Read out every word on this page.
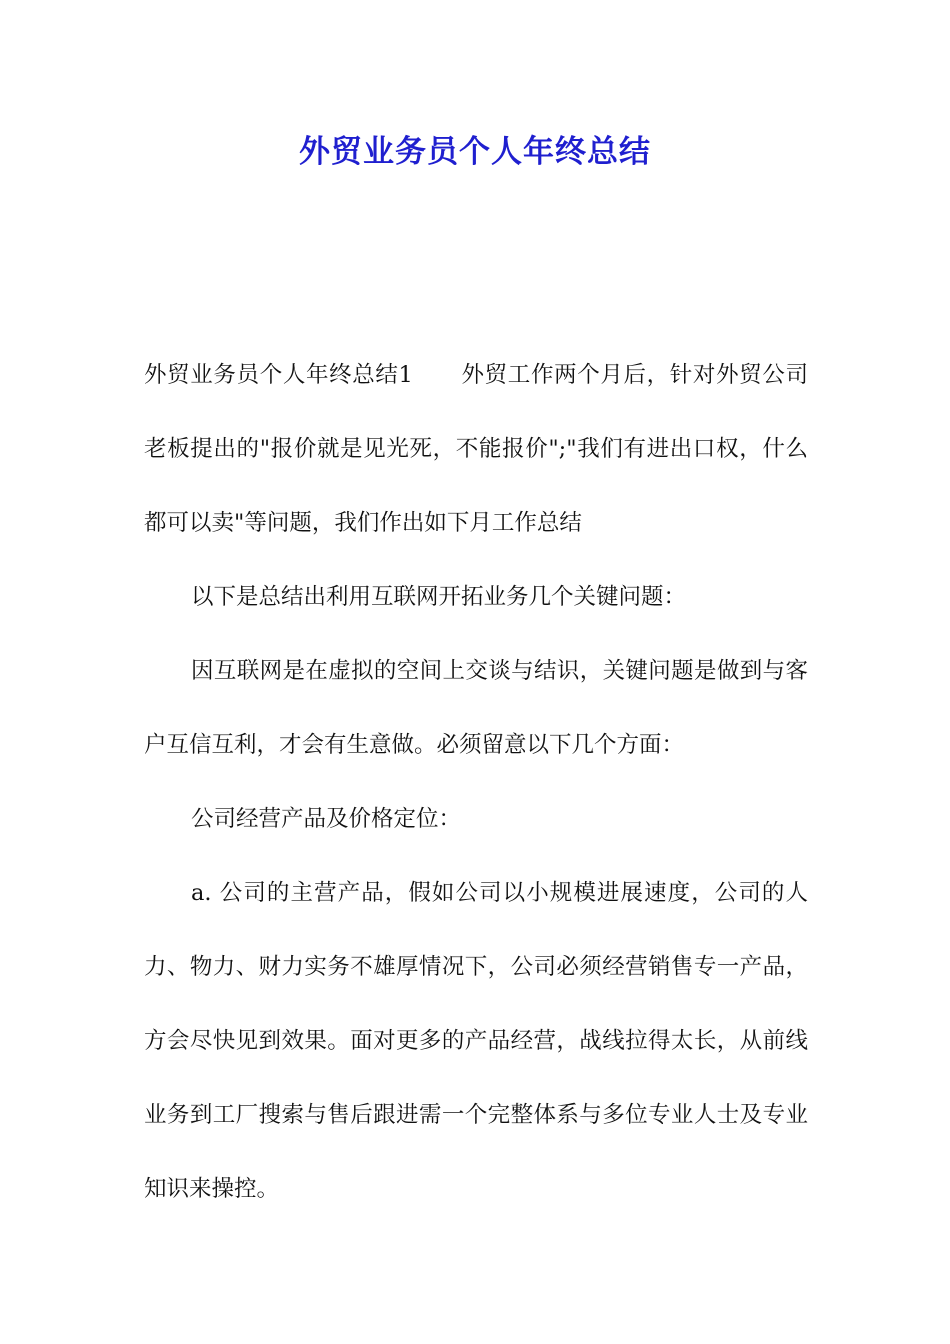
外贸业务员个人年终总结

外贸业务员个人年终总结1 外贸工作两个月后，针对外贸公司老板提出的"报价就是见光死，不能报价";"我们有进出口权，什么都可以卖"等问题，我们作出如下月工作总结

以下是总结出利用互联网开拓业务几个关键问题：

因互联网是在虚拟的空间上交谈与结识，关键问题是做到与客户互信互利，才会有生意做。必须留意以下几个方面：

公司经营产品及价格定位：

a. 公司的主营产品，假如公司以小规模进展速度，公司的人力、物力、财力实务不雄厚情况下，公司必须经营销售专一产品，方会尽快见到效果。面对更多的产品经营，战线拉得太长，从前线业务到工厂搜索与售后跟进需一个完整体系与多位专业人士及专业知识来操控。
